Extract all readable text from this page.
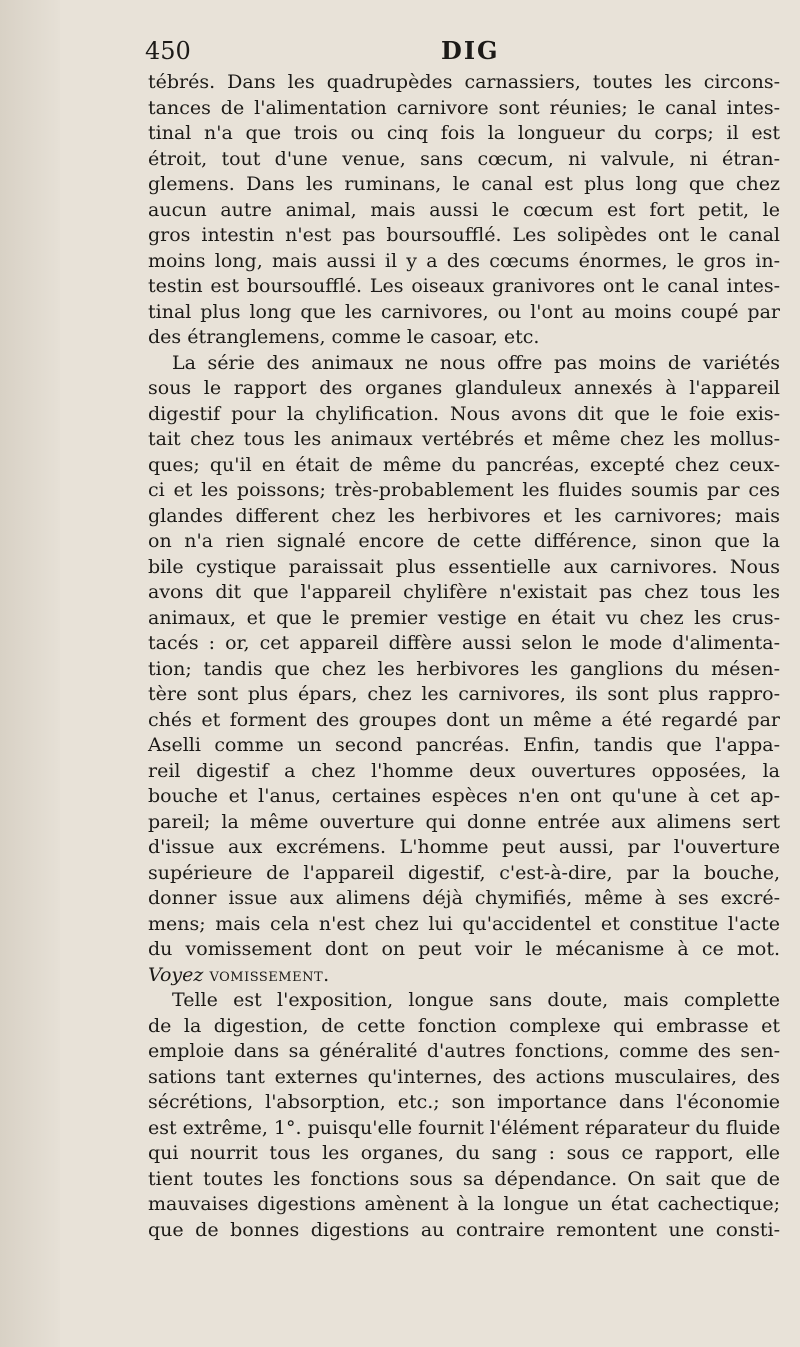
450	DIG
tébrés. Dans les quadrupèdes carnassiers, toutes les circons-
tances de l'alimentation carnivore sont réunies; le canal intes-
tinal n'a que trois ou cinq fois la longueur du corps; il est
étroit, tout d'une venue, sans cœcum, ni valvule, ni étran-
glemens. Dans les ruminans, le canal est plus long que chez
aucun autre animal, mais aussi le cœcum est fort petit, le
gros intestin n'est pas boursoufflé. Les solipèdes ont le canal
moins long, mais aussi il y a des cœcums énormes, le gros in-
testin est boursoufflé. Les oiseaux granivores ont le canal intes-
tinal plus long que les carnivores, ou l'ont au moins coupé par
des étranglemens, comme le casoar, etc.
La série des animaux ne nous offre pas moins de variétés
sous le rapport des organes glanduleux annexés à l'appareil
digestif pour la chylification. Nous avons dit que le foie exis-
tait chez tous les animaux vertébrés et même chez les mollus-
ques; qu'il en était de même du pancréas, excepté chez ceux-
ci et les poissons; très-probablement les fluides soumis par ces
glandes different chez les herbivores et les carnivores; mais
on n'a rien signalé encore de cette différence, sinon que la
bile cystique paraissait plus essentielle aux carnivores. Nous
avons dit que l'appareil chylifère n'existait pas chez tous les
animaux, et que le premier vestige en était vu chez les crus-
tacés : or, cet appareil diffère aussi selon le mode d'alimenta-
tion; tandis que chez les herbivores les ganglions du mésen-
tère sont plus épars, chez les carnivores, ils sont plus rappro-
chés et forment des groupes dont un même a été regardé par
Aselli comme un second pancréas. Enfin, tandis que l'appa-
reil digestif a chez l'homme deux ouvertures opposées, la
bouche et l'anus, certaines espèces n'en ont qu'une à cet ap-
pareil; la même ouverture qui donne entrée aux alimens sert
d'issue aux excrémens. L'homme peut aussi, par l'ouverture
supérieure de l'appareil digestif, c'est-à-dire, par la bouche,
donner issue aux alimens déjà chymifiés, même à ses excré-
mens; mais cela n'est chez lui qu'accidentel et constitue l'acte
du vomissement dont on peut voir le mécanisme à ce mot.
Voyez vomissement.
Telle est l'exposition, longue sans doute, mais complette
de la digestion, de cette fonction complexe qui embrasse et
emploie dans sa généralité d'autres fonctions, comme des sen-
sations tant externes qu'internes, des actions musculaires, des
sécrétions, l'absorption, etc.; son importance dans l'économie
est extrême, 1°. puisqu'elle fournit l'élément réparateur du fluide
qui nourrit tous les organes, du sang : sous ce rapport, elle
tient toutes les fonctions sous sa dépendance. On sait que de
mauvaises digestions amènent à la longue un état cachectique;
que de bonnes digestions au contraire remontent une consti-
